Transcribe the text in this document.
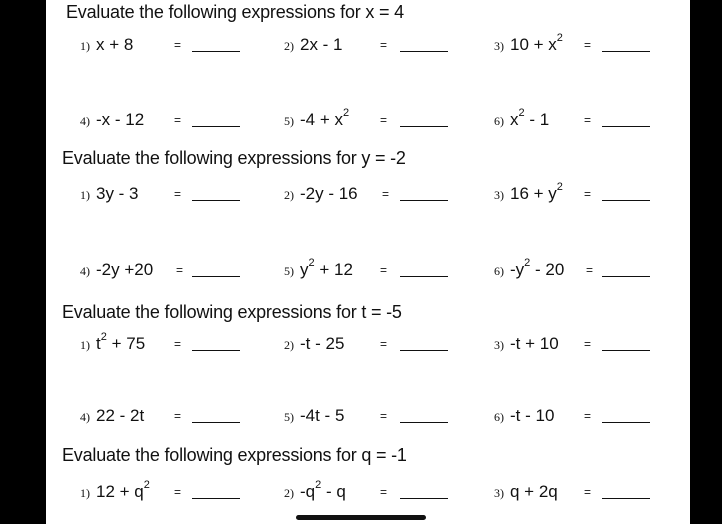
Evaluate the following expressions for x = 4
1) x + 8	=	2) 2x - 1	=	3) $10 + x^2$ =
4) -x - 12 =	5) $-4 + x^2$	=	6) $x^2 - 1$	=
Evaluate the following expressions for y = -2
1) 3y - 3	=	2) -2y - 16 =	3) $16 + y^2$ =
4) -2y +20 =	5) $y^2 + 12$ =	6) $-y^2 - 20$ =
Evaluate the following expressions for t = -5
1) $t^2 + 75$ =	2) -t - 25	=	3) -t + 10 =
4) 22 - 2t =	5) -4t - 5	=	6) -t - 10 =
Evaluate the following expressions for q = -1
1) $12 + q^2$ =	2) $-q^2$ - q	=	3) q + 2q =
